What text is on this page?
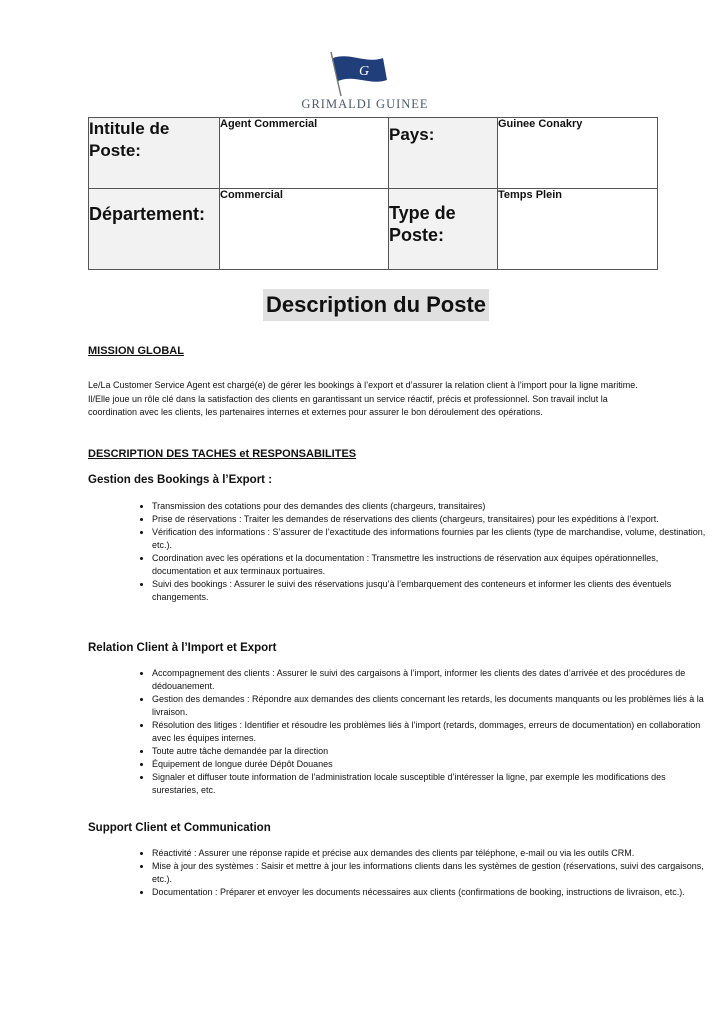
G
GRIMALDI GUINEE
Intitule de Poste:	Agent Commercial	Pays:	Guinee Conakry
Département:	Commercial	Type de Poste:	Temps Plein
Description du Poste
MISSION GLOBAL
Le/La Customer Service Agent est chargé(e) de gérer les bookings à l’export et d’assurer la relation client à l’import pour la ligne maritime. Il/Elle joue un rôle clé dans la satisfaction des clients en garantissant un service réactif, précis et professionnel. Son travail inclut la coordination avec les clients, les partenaires internes et externes pour assurer le bon déroulement des opérations.
DESCRIPTION DES TACHES et RESPONSABILITES
Gestion des Bookings à l’Export :
• Transmission des cotations pour des demandes des clients (chargeurs, transitaires)
• Prise de réservations : Traiter les demandes de réservations des clients (chargeurs, transitaires) pour les expéditions à l’export.
• Vérification des informations : S’assurer de l’exactitude des informations fournies par les clients (type de marchandise, volume, destination, etc.).
• Coordination avec les opérations et la documentation : Transmettre les instructions de réservation aux équipes opérationnelles, documentation et aux terminaux portuaires.
• Suivi des bookings : Assurer le suivi des réservations jusqu’à l’embarquement des conteneurs et informer les clients des éventuels changements.
Relation Client à l’Import et Export
• Accompagnement des clients : Assurer le suivi des cargaisons à l’import, informer les clients des dates d’arrivée et des procédures de dédouanement.
• Gestion des demandes : Répondre aux demandes des clients concernant les retards, les documents manquants ou les problèmes liés à la livraison.
• Résolution des litiges : Identifier et résoudre les problèmes liés à l’import (retards, dommages, erreurs de documentation) en collaboration avec les équipes internes.
• Toute autre tâche demandée par la direction
• Équipement de longue durée Dépôt Douanes
• Signaler et diffuser toute information de l’administration locale susceptible d’intéresser la ligne, par exemple les modifications des surestaries, etc.
Support Client et Communication
• Réactivité : Assurer une réponse rapide et précise aux demandes des clients par téléphone, e-mail ou via les outils CRM.
• Mise à jour des systèmes : Saisir et mettre à jour les informations clients dans les systèmes de gestion (réservations, suivi des cargaisons, etc.).
• Documentation : Préparer et envoyer les documents nécessaires aux clients (confirmations de booking, instructions de livraison, etc.).
